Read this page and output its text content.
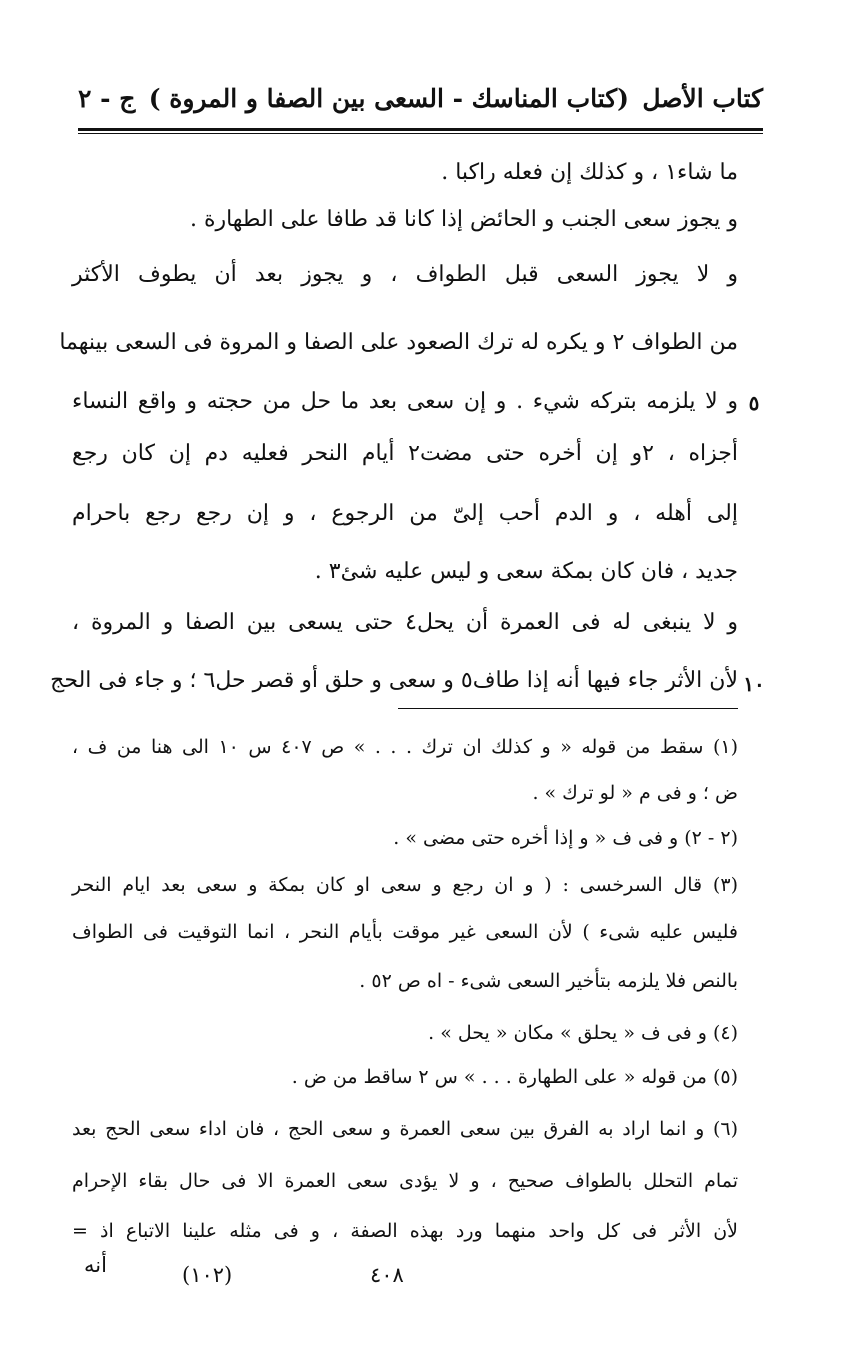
كتاب الأصل
(كتاب المناسك - السعى بين الصفا و المروة )
ج - ٢
ما شاء١ ، و كذلك إن فعله راكبا .
و يجوز سعى الجنب و الحائض إذا كانا قد طافا على الطهارة .
و لا يجوز السعى قبل الطواف ، و يجوز بعد أن يطوف الأكثر
من الطواف ٢ و يكره له ترك الصعود على الصفا و المروة فى السعى بينهما
و لا يلزمه بتركه شيء . و إن سعى بعد ما حل من حجته و واقع النساء ٥
أجزاه ، ٢و إن أخره حتى مضت٢ أيام النحر فعليه دم إن كان رجع
إلى أهله ، و الدم أحب إلىّ من الرجوع ، و إن رجع رجع باحرام
جديد ، فان كان بمكة سعى و ليس عليه شئ٣ .
و لا ينبغى له فى العمرة أن يحل٤ حتى يسعى بين الصفا و المروة ،
لأن الأثر جاء فيها أنه إذا طاف٥ و سعى و حلق أو قصر حل٦ ؛ و جاء فى الحج ١٠
(١) سقط من قوله « و كذلك ان ترك . . . » ص ٤٠٧ س ١٠ الى هنا من ف ،
ض ؛ و فى م « لو ترك » .
(٢ - ٢) و فى ف « و إذا أخره حتى مضى » .
(٣) قال السرخسى : ( و ان رجع و سعى او كان بمكة و سعى بعد ايام النحر
فليس عليه شىء ) لأن السعى غير موقت بأيام النحر ، انما التوقيت فى الطواف
بالنص فلا يلزمه بتأخير السعى شىء - اه ص ٥٢ .
(٤) و فى ف « يحلق » مكان « يحل » .
(٥) من قوله « على الطهارة . . . » س ٢ ساقط من ض .
(٦) و انما اراد به الفرق بين سعى العمرة و سعى الحج ، فان اداء سعى الحج بعد
تمام التحلل بالطواف صحيح ، و لا يؤدى سعى العمرة الا فى حال بقاء الإحرام
لأن الأثر فى كل واحد منهما ورد بهذه الصفة ، و فى مثله علينا الاتباع اذ =
٤٠٨
(١٠٢)
أنه
